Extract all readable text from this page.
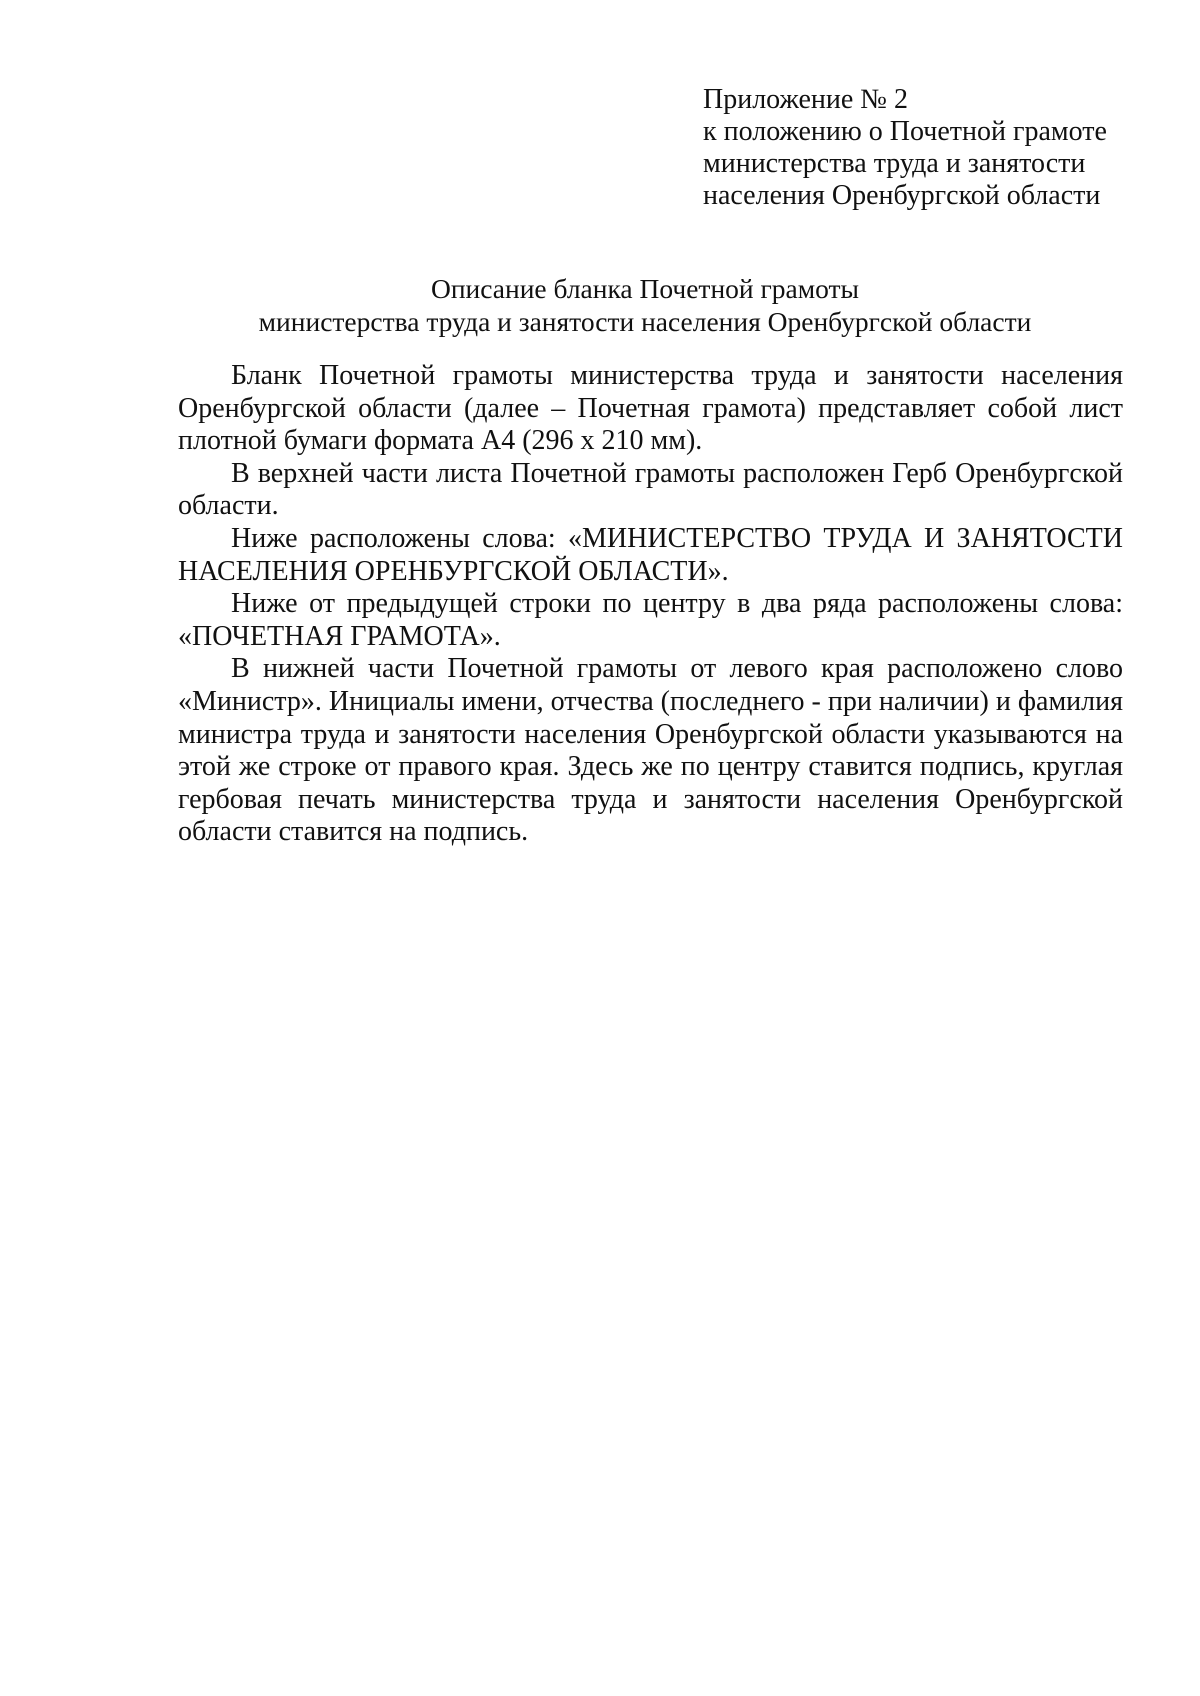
Приложение № 2
к положению о Почетной грамоте
министерства труда и занятости
населения Оренбургской области
Описание бланка Почетной грамоты
министерства труда и занятости населения Оренбургской области

Бланк Почетной грамоты министерства труда и занятости населения Оренбургской области (далее – Почетная грамота) представляет собой лист плотной бумаги формата А4 (296 х 210 мм).

В верхней части листа Почетной грамоты расположен Герб Оренбургской области.

Ниже расположены слова: «МИНИСТЕРСТВО ТРУДА И ЗАНЯТОСТИ НАСЕЛЕНИЯ ОРЕНБУРГСКОЙ ОБЛАСТИ».

Ниже от предыдущей строки по центру в два ряда расположены слова: «ПОЧЕТНАЯ ГРАМОТА».

В нижней части Почетной грамоты от левого края расположено слово «Министр». Инициалы имени, отчества (последнего - при наличии) и фамилия министра труда и занятости населения Оренбургской области указываются на этой же строке от правого края. Здесь же по центру ставится подпись, круглая гербовая печать министерства труда и занятости населения Оренбургской области ставится на подпись.
